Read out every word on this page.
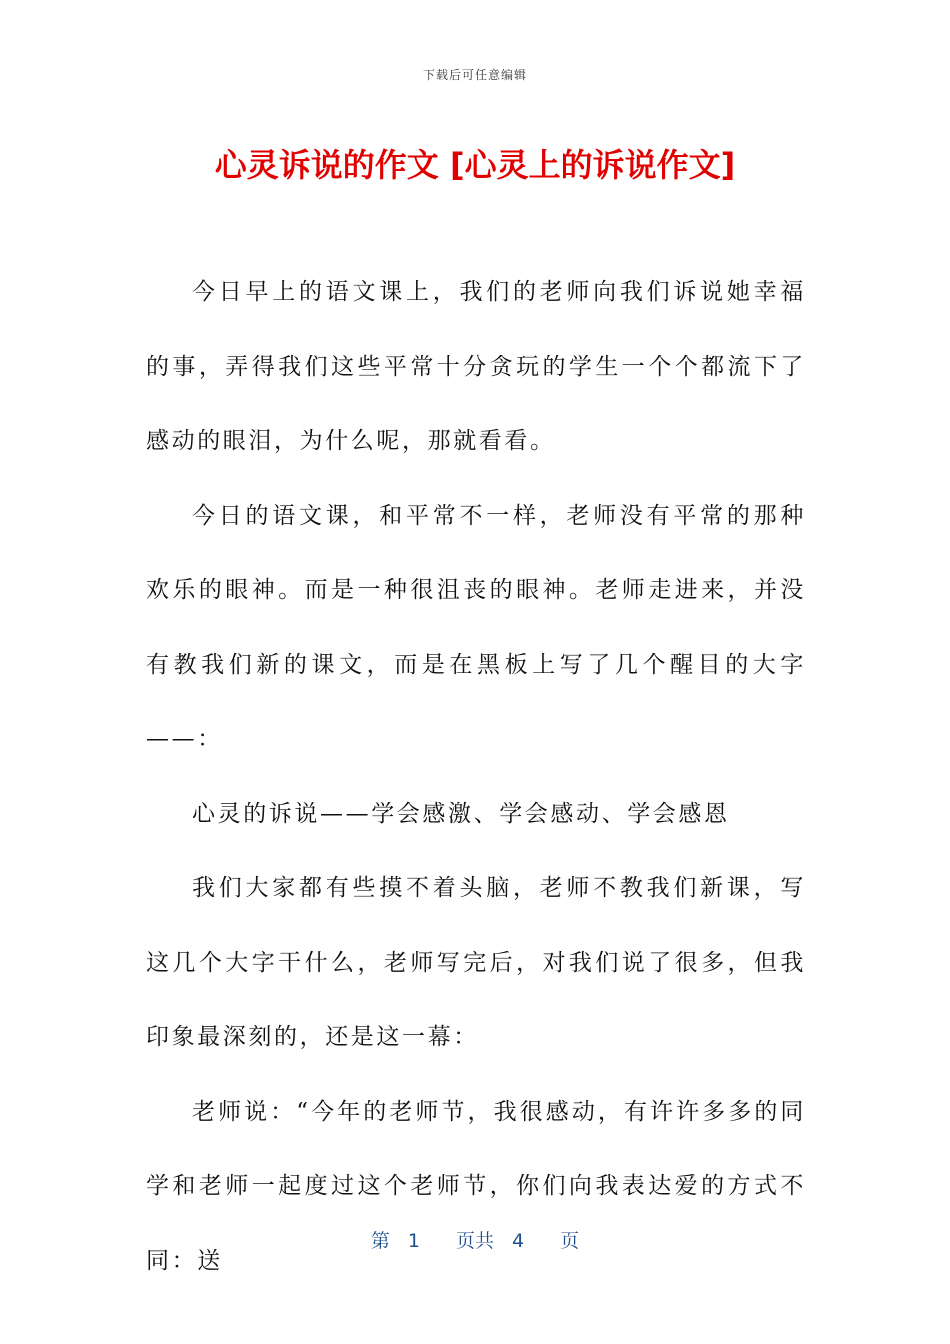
下载后可任意编辑
心灵诉说的作文 [心灵上的诉说作文]

今日早上的语文课上，我们的老师向我们诉说她幸福的事，弄得我们这些平常十分贪玩的学生一个个都流下了感动的眼泪，为什么呢，那就看看。

今日的语文课，和平常不一样，老师没有平常的那种欢乐的眼神。而是一种很沮丧的眼神。老师走进来，并没有教我们新的课文，而是在黑板上写了几个醒目的大字——：

心灵的诉说——学会感激、学会感动、学会感恩

我们大家都有些摸不着头脑，老师不教我们新课，写这几个大字干什么，老师写完后，对我们说了很多，但我印象最深刻的，还是这一幕：

老师说：“今年的老师节，我很感动，有许许多多的同学和老师一起度过这个老师节，你们向我表达爱的方式不同：送

第 1 页共 4 页
